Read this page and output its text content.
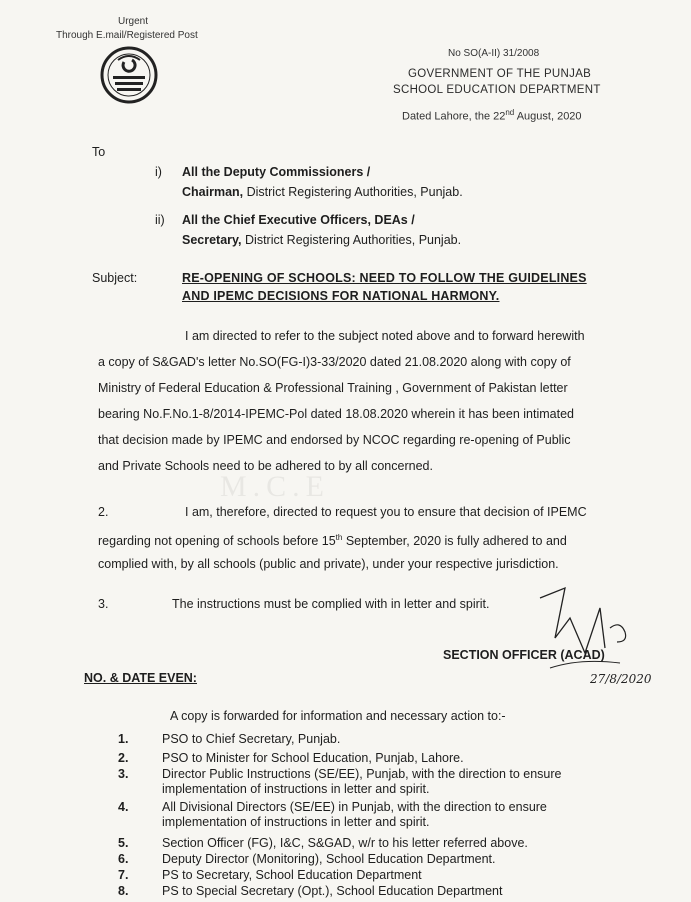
M.C.E
Urgent
Through E.mail/Registered Post
No SO(A-II) 31/2008
GOVERNMENT OF THE PUNJAB
SCHOOL EDUCATION DEPARTMENT
Dated Lahore, the 22nd August, 2020
To
i) All the Deputy Commissioners /
Chairman, District Registering Authorities, Punjab.
ii) All the Chief Executive Officers, DEAs /
Secretary, District Registering Authorities, Punjab.
Subject:	RE-OPENING OF SCHOOLS: NEED TO FOLLOW THE GUIDELINES
AND IPEMC DECISIONS FOR NATIONAL HARMONY.
I am directed to refer to the subject noted above and to forward herewith
a copy of S&GAD's letter No.SO(FG-I)3-33/2020 dated 21.08.2020 along with copy of
Ministry of Federal Education & Professional Training , Government of Pakistan letter
bearing No.F.No.1-8/2014-IPEMC-Pol dated 18.08.2020 wherein it has been intimated
that decision made by IPEMC and endorsed by NCOC regarding re-opening of Public
and Private Schools need to be adhered to by all concerned.
2.	I am, therefore, directed to request you to ensure that decision of IPEMC
regarding not opening of schools before 15th September, 2020 is fully adhered to and
complied with, by all schools (public and private), under your respective jurisdiction.
3.	The instructions must be complied with in letter and spirit.
SECTION OFFICER (ACAD)
27/8/2020
NO. & DATE EVEN:
A copy is forwarded for information and necessary action to:-
1.	PSO to Chief Secretary, Punjab.
2.	PSO to Minister for School Education, Punjab, Lahore.
3.	Director Public Instructions (SE/EE), Punjab, with the direction to ensure
implementation of instructions in letter and spirit.
4.	All Divisional Directors (SE/EE) in Punjab, with the direction to ensure
implementation of instructions in letter and spirit.
5.	Section Officer (FG), I&C, S&GAD, w/r to his letter referred above.
6.	Deputy Director (Monitoring), School Education Department.
7.	PS to Secretary, School Education Department
8.	PS to Special Secretary (Opt.), School Education Department
